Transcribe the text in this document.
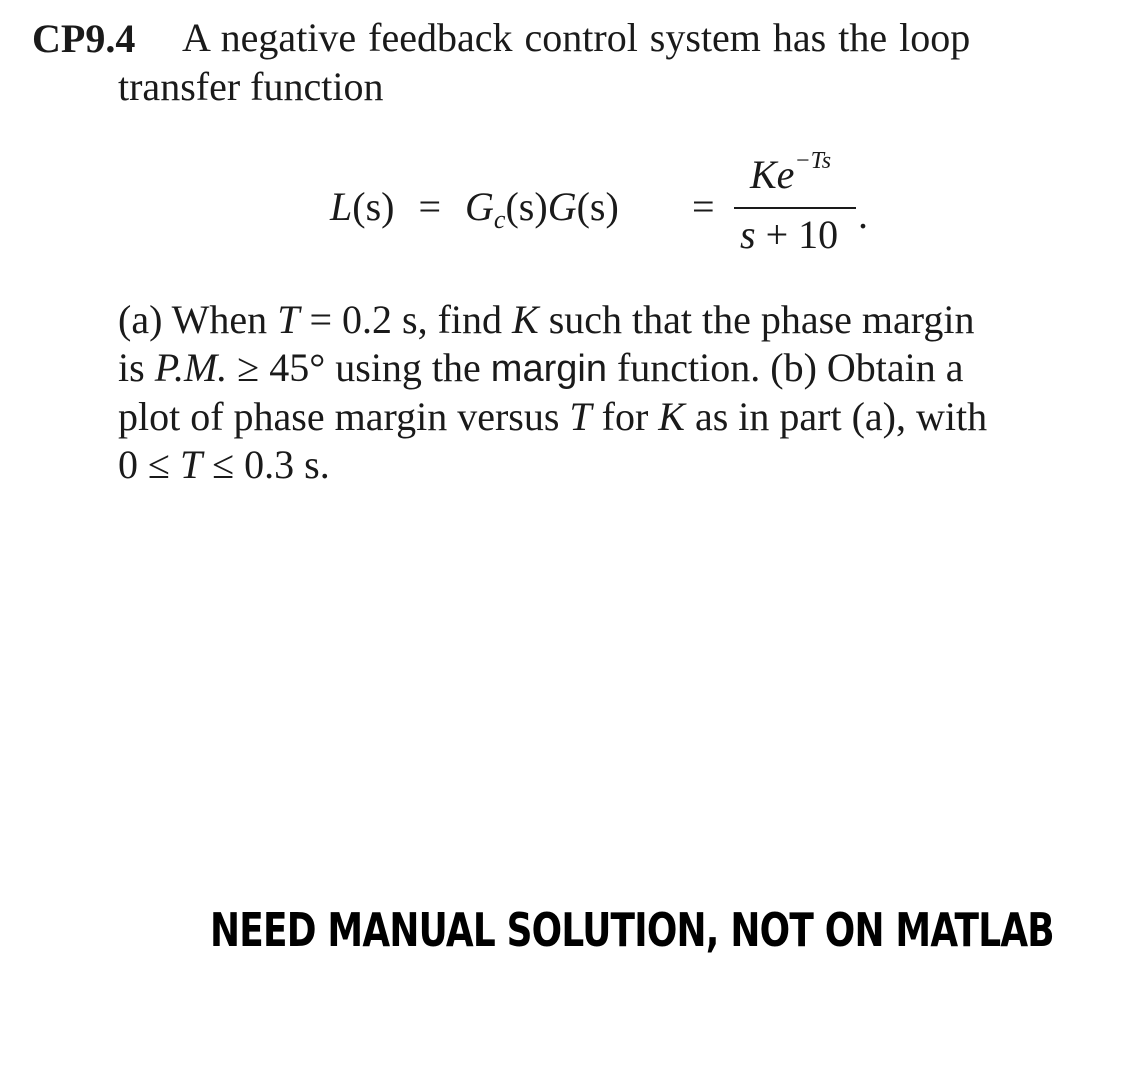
CP9.4 A negative feedback control system has the loop
transfer function
$L(s) = G_c(s)G(s)$ =
$Ke^{-Ts}$
s + 10 .
(a) When T = 0.2 s, find K such that the phase margin
is P.M. ≥ 45° using the margin function. (b) Obtain a
plot of phase margin versus T for K as in part (a), with
0 ≤ T ≤ 0.3 s.
NEED MANUAL SOLUTION, NOT ON MATLAB
